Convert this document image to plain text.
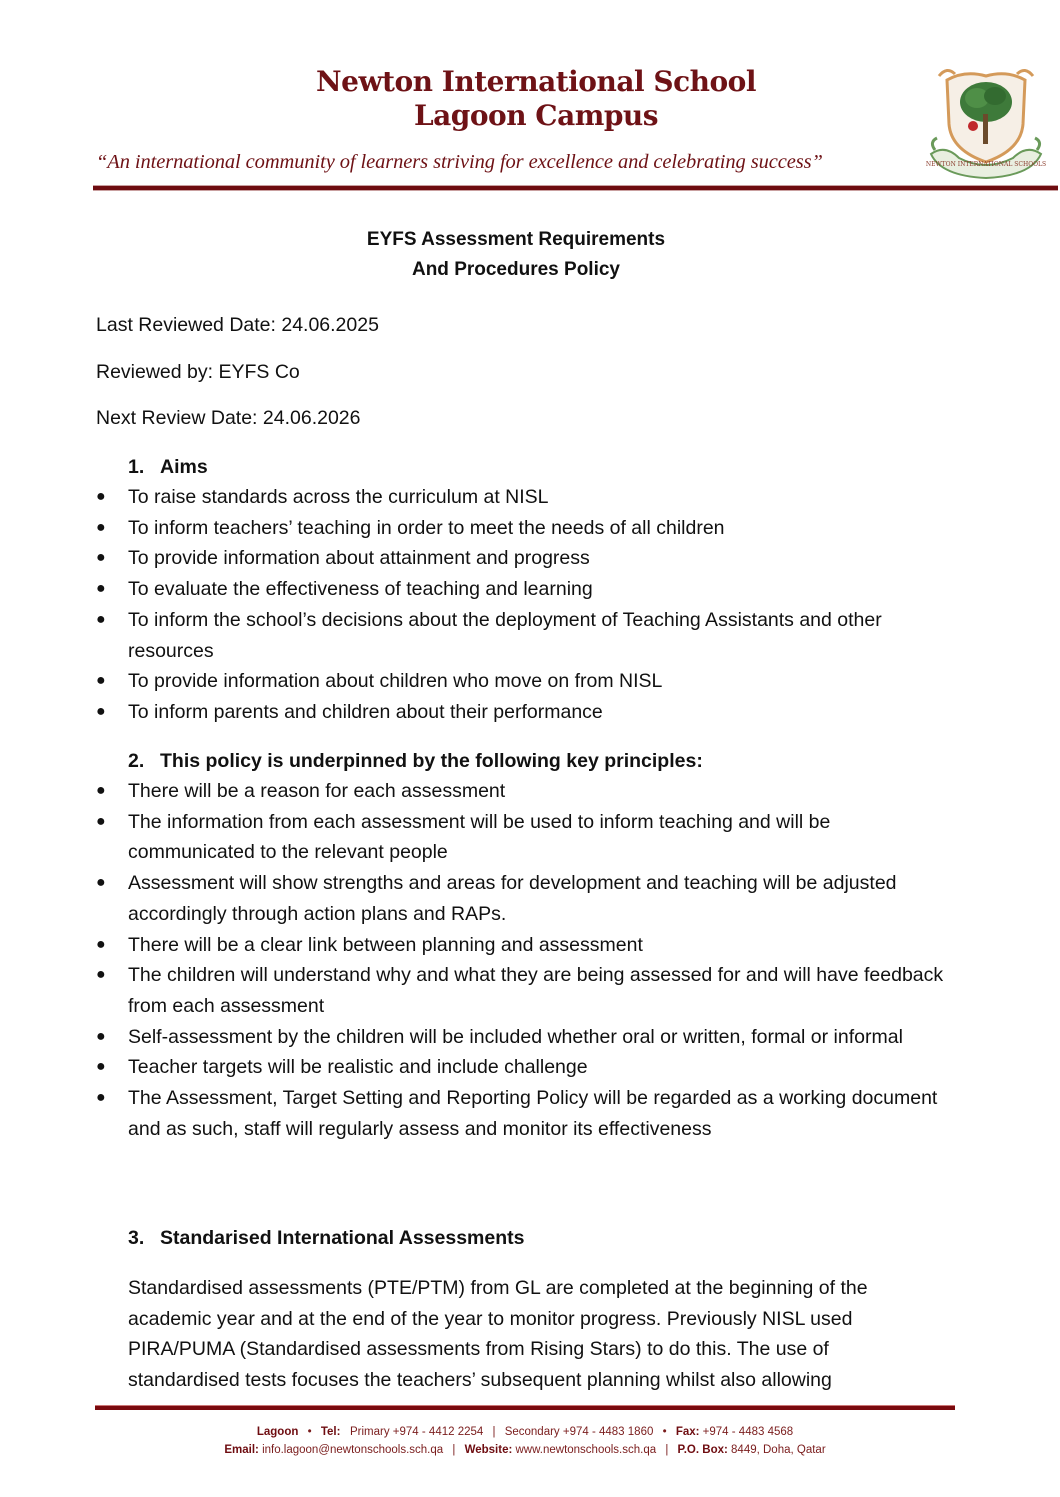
Newton International School
Lagoon Campus
“An international community of learners striving for excellence and celebrating success”	NEWTON INTERNATIONAL SCHOOLS
EYFS Assessment Requirements
And Procedures Policy
Last Reviewed Date: 24.06.2025
Reviewed by: EYFS Co
Next Review Date: 24.06.2026
1. Aims
● To raise standards across the curriculum at NISL
● To inform teachers’ teaching in order to meet the needs of all children
● To provide information about attainment and progress
● To evaluate the effectiveness of teaching and learning
● To inform the school’s decisions about the deployment of Teaching Assistants and other resources
● To provide information about children who move on from NISL
● To inform parents and children about their performance
2. This policy is underpinned by the following key principles:
● There will be a reason for each assessment
● The information from each assessment will be used to inform teaching and will be communicated to the relevant people
● Assessment will show strengths and areas for development and teaching will be adjusted accordingly through action plans and RAPs.
● There will be a clear link between planning and assessment
● The children will understand why and what they are being assessed for and will have feedback from each assessment
● Self-assessment by the children will be included whether oral or written, formal or informal
● Teacher targets will be realistic and include challenge
● The Assessment, Target Setting and Reporting Policy will be regarded as a working document and as such, staff will regularly assess and monitor its effectiveness
3. Standarised International Assessments
Standardised assessments (PTE/PTM) from GL are completed at the beginning of the academic year and at the end of the year to monitor progress. Previously NISL used PIRA/PUMA (Standardised assessments from Rising Stars) to do this. The use of standardised tests focuses the teachers’ subsequent planning whilst also allowing
Lagoon • Tel: Primary +974 - 4412 2254 | Secondary +974 - 4483 1860 • Fax: +974 - 4483 4568
Email: info.lagoon@newtonschools.sch.qa | Website: www.newtonschools.sch.qa | P.O. Box: 8449, Doha, Qatar
